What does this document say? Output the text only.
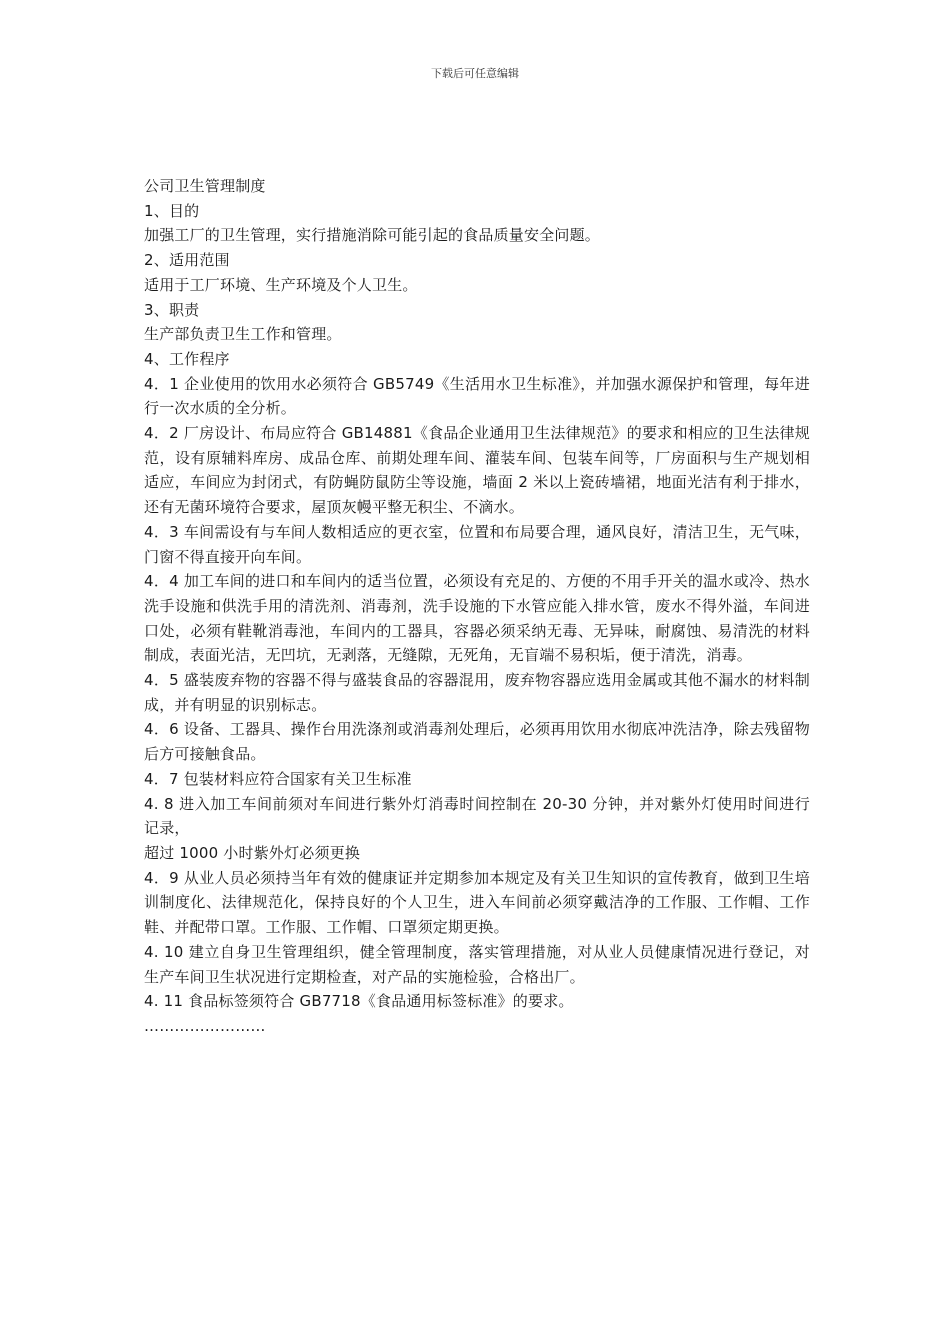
下载后可任意编辑

公司卫生管理制度

1、目的

加强工厂的卫生管理，实行措施消除可能引起的食品质量安全问题。

2、适用范围

适用于工厂环境、生产环境及个人卫生。

3、职责

生产部负责卫生工作和管理。

4、工作程序

4．1 企业使用的饮用水必须符合 GB5749《生活用水卫生标准》，并加强水源保护和管理，每年进行一次水质的全分析。

4．2 厂房设计、布局应符合 GB14881《食品企业通用卫生法律规范》的要求和相应的卫生法律规范，设有原辅料库房、成品仓库、前期处理车间、灌装车间、包装车间等，厂房面积与生产规划相适应，车间应为封闭式，有防蝇防鼠防尘等设施，墙面 2 米以上瓷砖墙裙，地面光洁有利于排水，还有无菌环境符合要求，屋顶灰幔平整无积尘、不滴水。

4．3 车间需设有与车间人数相适应的更衣室，位置和布局要合理，通风良好，清洁卫生，无气味，门窗不得直接开向车间。

4．4 加工车间的进口和车间内的适当位置，必须设有充足的、方便的不用手开关的温水或冷、热水洗手设施和供洗手用的清洗剂、消毒剂，洗手设施的下水管应能入排水管，废水不得外溢，车间进口处，必须有鞋靴消毒池，车间内的工器具，容器必须采纳无毒、无异味，耐腐蚀、易清洗的材料制成，表面光洁，无凹坑，无剥落，无缝隙，无死角，无盲端不易积垢，便于清洗，消毒。

4．5 盛装废弃物的容器不得与盛装食品的容器混用，废弃物容器应选用金属或其他不漏水的材料制成，并有明显的识别标志。

4．6 设备、工器具、操作台用洗涤剂或消毒剂处理后，必须再用饮用水彻底冲洗洁净，除去残留物后方可接触食品。

4．7 包装材料应符合国家有关卫生标准

4. 8 进入加工车间前须对车间进行紫外灯消毒时间控制在 20-30 分钟，并对紫外灯使用时间进行记录，

超过 1000 小时紫外灯必须更换

4．9 从业人员必须持当年有效的健康证并定期参加本规定及有关卫生知识的宣传教育，做到卫生培训制度化、法律规范化，保持良好的个人卫生，进入车间前必须穿戴洁净的工作服、工作帽、工作鞋、并配带口罩。工作服、工作帽、口罩须定期更换。

4. 10 建立自身卫生管理组织，健全管理制度，落实管理措施，对从业人员健康情况进行登记，对生产车间卫生状况进行定期检查，对产品的实施检验，合格出厂。

4. 11 食品标签须符合 GB7718《食品通用标签标准》的要求。

……………………
